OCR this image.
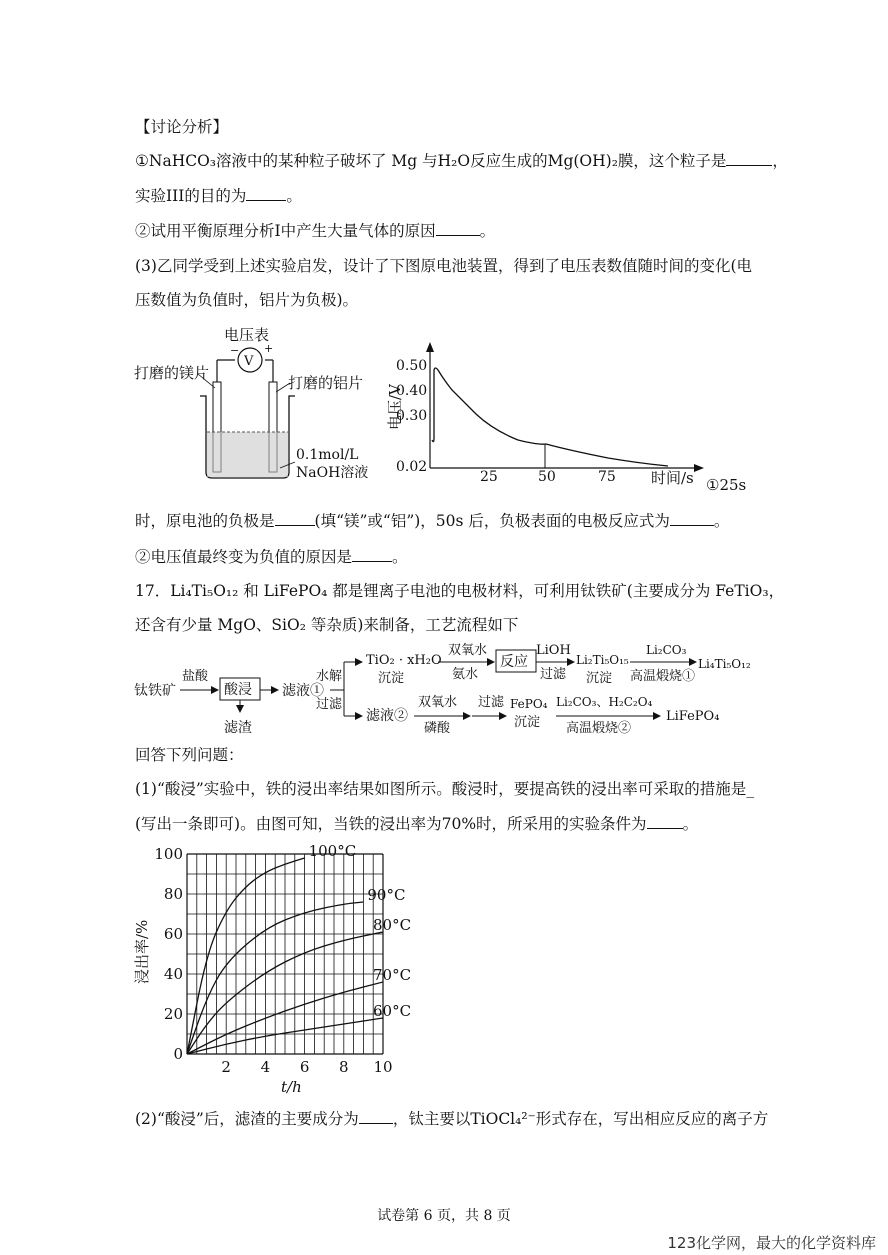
【讨论分析】
①NaHCO₃溶液中的某种粒子破坏了 Mg 与H₂O反应生成的Mg(OH)₂膜，这个粒子是	，
实验III的目的为	。
②试用平衡原理分析I中产生大量气体的原因	。
(3)乙同学受到上述实验启发，设计了下图原电池装置，得到了电压表数值随时间的变化(电
压数值为负值时，铝片为负极)。
电压表
V
− +
打磨的镁片
打磨的铝片
0.1mol/L
NaOH溶液
电压/V
0.50
0.40
0.30
0.02
25	50	75 时间/s ①25s
时，原电池的负极是	(填“镁”或“铝”)，50s 后，负极表面的电极反应式为	。
②电压值最终变为负值的原因是	。
17．Li₄Ti₅O₁₂ 和 LiFePO₄ 都是锂离子电池的电极材料，可利用钛铁矿(主要成分为 FeTiO₃，
还含有少量 MgO、SiO₂ 等杂质)来制备，工艺流程如下
钛铁矿
盐酸
酸浸
滤渣
滤液①
水解
过滤
TiO₂ · xH₂O
沉淀
双氧水
氨水
反应
LiOH
过滤
Li₂Ti₅O₁₅
沉淀
Li₂CO₃
高温煅烧①
Li₄Ti₅O₁₂
滤液②
双氧水
磷酸
过滤 FePO₄
沉淀
Li₂CO₃、H₂C₂O₄
高温煅烧②
LiFePO₄
回答下列问题：
(1)“酸浸”实验中，铁的浸出率结果如图所示。酸浸时，要提高铁的浸出率可采取的措施是_
(写出一条即可)。由图可知，当铁的浸出率为70%时，所采用的实验条件为 。
0
20
40
60
80
100
2 4 6 8 10
100°C
90°C
80°C
70°C
60°C
浸出率/%
t/h
(2)“酸浸”后，滤渣的主要成分为 ，钛主要以TiOCl₄²⁻形式存在，写出相应反应的离子方
试卷第 6 页，共 8 页
123化学网，最大的化学资料库
